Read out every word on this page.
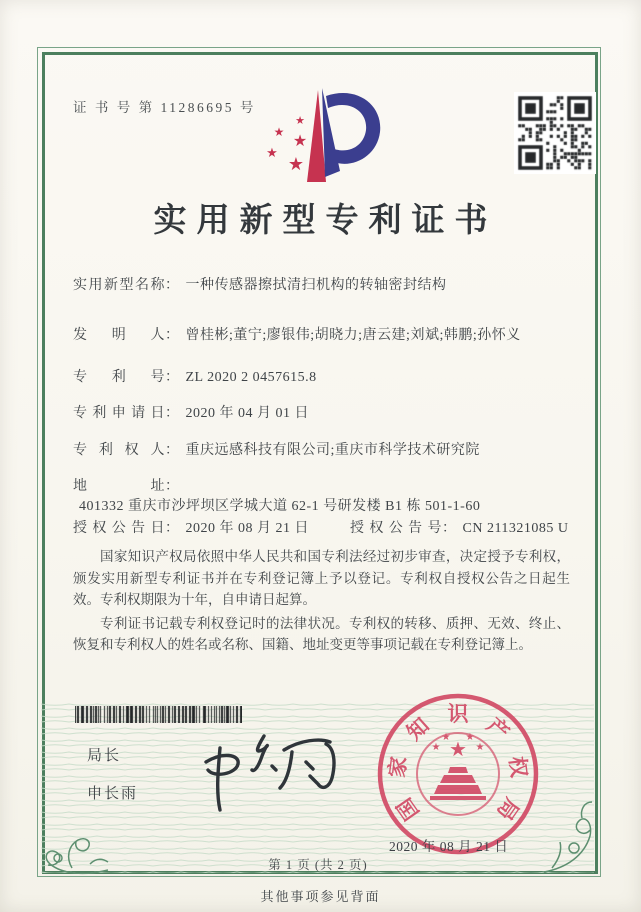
证 书 号 第 11286695 号
★
★
★
★
★
实用新型专利证书
实用新型名称： 一种传感器擦拭清扫机构的转轴密封结构
发明人： 曾桂彬;董宁;廖银伟;胡晓力;唐云建;刘斌;韩鹏;孙怀义
专利号： ZL 2020 2 0457615.8
专利申请日： 2020 年 04 月 01 日
专利权人： 重庆远感科技有限公司;重庆市科学技术研究院
地址：401332 重庆市沙坪坝区学城大道 62-1 号研发楼 B1 栋 501-1-60
授权公告日： 2020 年 08 月 21 日	授权公告号： CN 211321085 U

国家知识产权局依照中华人民共和国专利法经过初步审查，决定授予专利权，颁发实用新型专利证书并在专利登记簿上予以登记。专利权自授权公告之日起生效。专利权期限为十年，自申请日起算。

专利证书记载专利权登记时的法律状况。专利权的转移、质押、无效、终止、恢复和专利权人的姓名或名称、国籍、地址变更等事项记载在专利登记簿上。

局长
申长雨	国
家
知 识 产
权
局
★
★
★ ★
★
2020 年 08 月 21 日
第 1 页 (共 2 页)
其他事项参见背面
